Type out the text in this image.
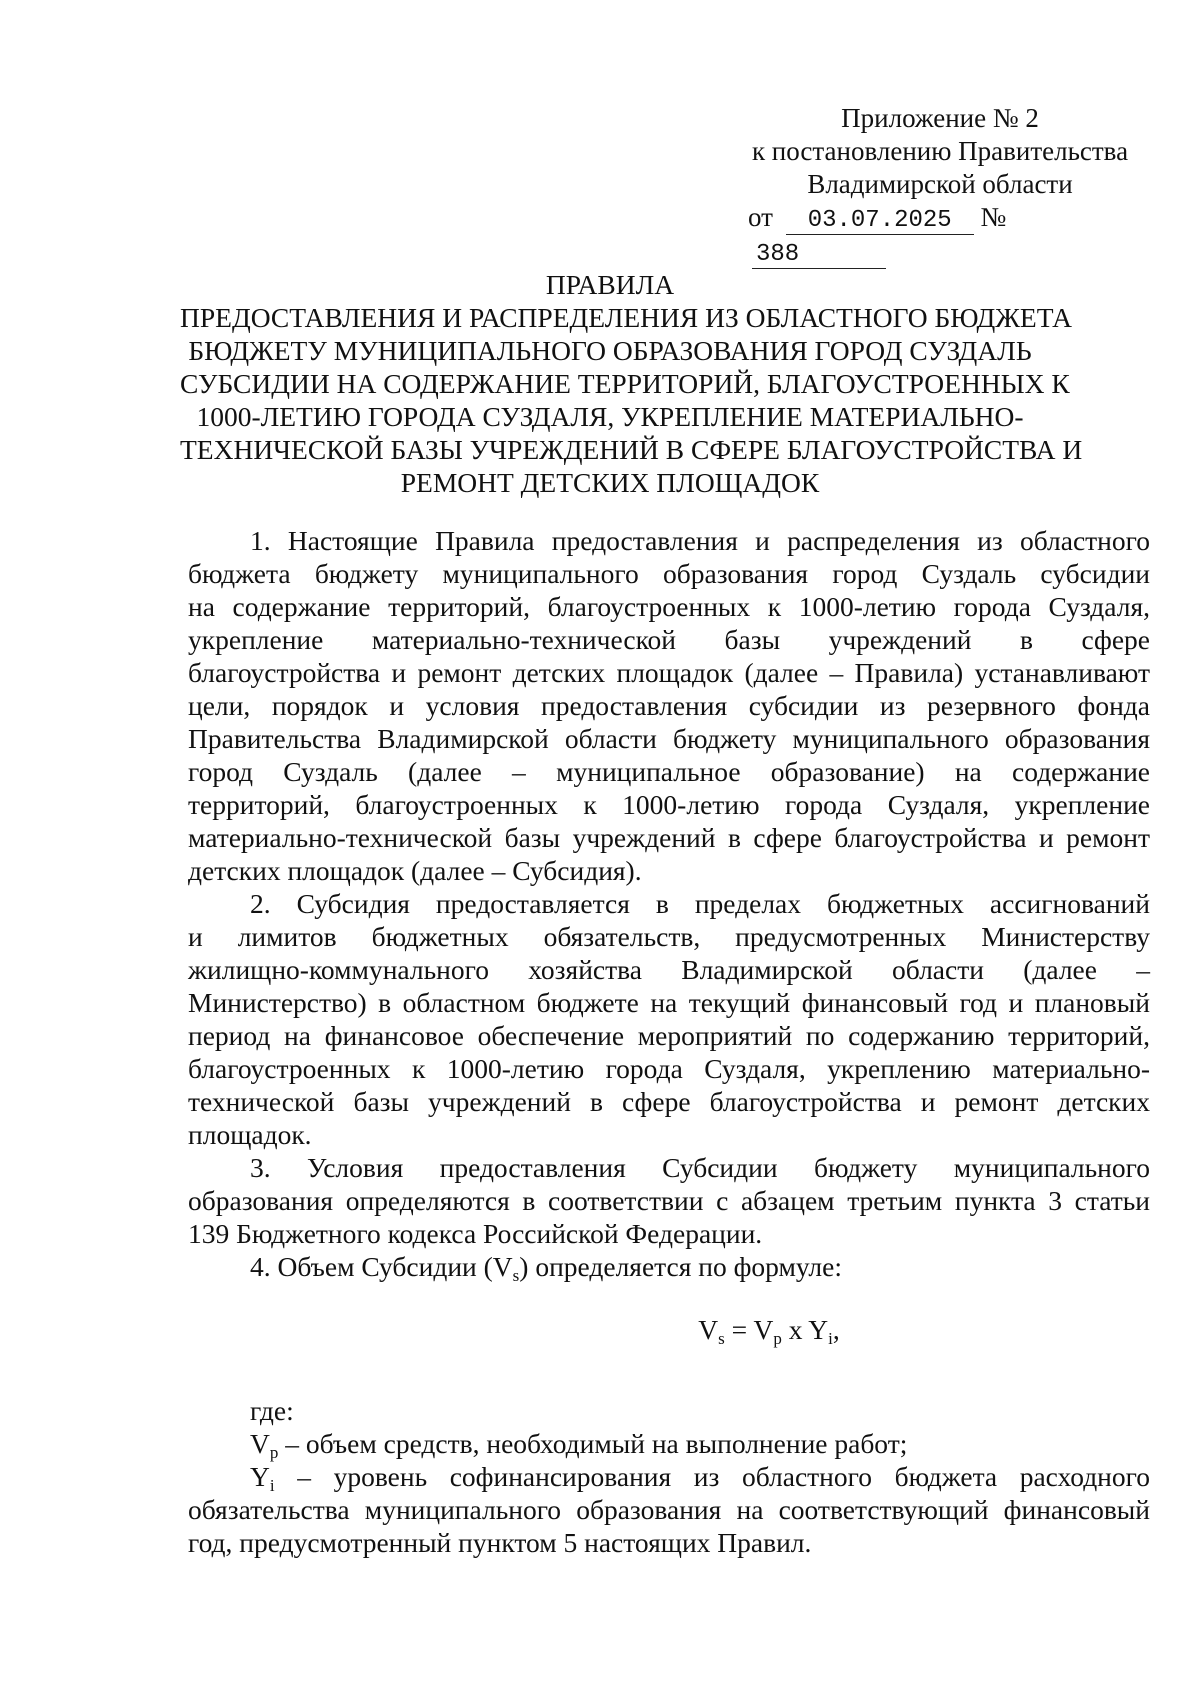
Приложение № 2
к постановлению Правительства
Владимирской области
от 03.07.2025 № 388
ПРАВИЛА
ПРЕДОСТАВЛЕНИЯ И РАСПРЕДЕЛЕНИЯ ИЗ ОБЛАСТНОГО БЮДЖЕТА
БЮДЖЕТУ МУНИЦИПАЛЬНОГО ОБРАЗОВАНИЯ ГОРОД СУЗДАЛЬ
СУБСИДИИ НА СОДЕРЖАНИЕ ТЕРРИТОРИЙ, БЛАГОУСТРОЕННЫХ К
1000-ЛЕТИЮ ГОРОДА СУЗДАЛЯ, УКРЕПЛЕНИЕ МАТЕРИАЛЬНО-
ТЕХНИЧЕСКОЙ БАЗЫ УЧРЕЖДЕНИЙ В СФЕРЕ БЛАГОУСТРОЙСТВА И
РЕМОНТ ДЕТСКИХ ПЛОЩАДОК
1. Настоящие Правила предоставления и распределения из областного
бюджета бюджету муниципального образования город Суздаль субсидии
на содержание территорий, благоустроенных к 1000-летию города Суздаля,
укрепление материально-технической базы учреждений в сфере
благоустройства и ремонт детских площадок (далее – Правила) устанавливают
цели, порядок и условия предоставления субсидии из резервного фонда
Правительства Владимирской области бюджету муниципального образования
город Суздаль (далее – муниципальное образование) на содержание
территорий, благоустроенных к 1000-летию города Суздаля, укрепление
материально-технической базы учреждений в сфере благоустройства и ремонт
детских площадок (далее – Субсидия).
2. Субсидия предоставляется в пределах бюджетных ассигнований
и лимитов бюджетных обязательств, предусмотренных Министерству
жилищно-коммунального хозяйства Владимирской области (далее –
Министерство) в областном бюджете на текущий финансовый год и плановый
период на финансовое обеспечение мероприятий по содержанию территорий,
благоустроенных к 1000-летию города Суздаля, укреплению материально-
технической базы учреждений в сфере благоустройства и ремонт детских
площадок.
3. Условия предоставления Субсидии бюджету муниципального
образования определяются в соответствии с абзацем третьим пункта 3 статьи
139 Бюджетного кодекса Российской Федерации.
4. Объем Субсидии $(V_s)$ определяется по формуле:
$V_s = V_p$ x $Y_i$,
где:
$V_p$ – объем средств, необходимый на выполнение работ;
$Y_i$ – уровень софинансирования из областного бюджета расходного
обязательства муниципального образования на соответствующий финансовый
год, предусмотренный пунктом 5 настоящих Правил.
